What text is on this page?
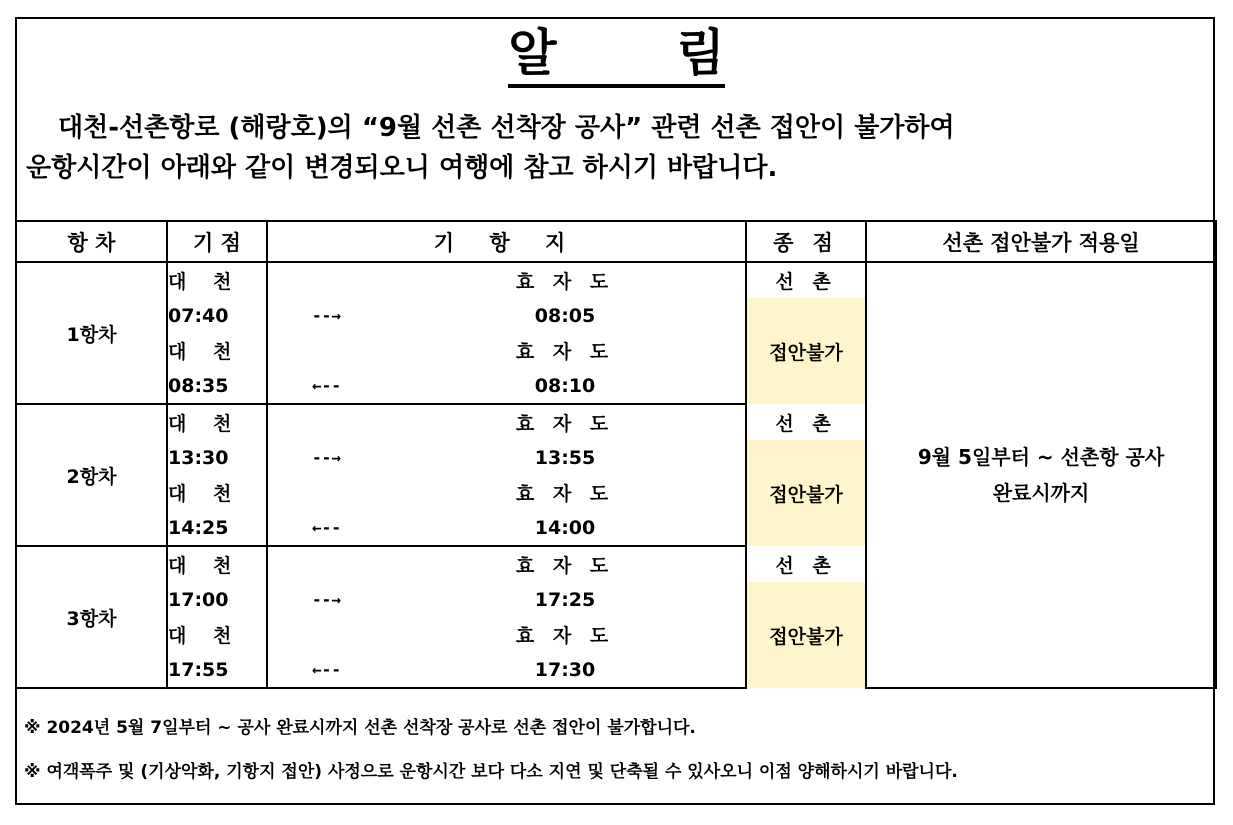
알 림
대천-선촌항로 (해랑호)의 “9월 선촌 선착장 공사” 관련 선촌 접안이 불가하여
운항시간이 아래와 같이 변경되오니 여행에 참고 하시기 바랍니다.
항 차	기 점	기 항 지		종 점	선촌 접안불가 적용일
1항차	대 천		효 자 도	선 촌	9월 5일부터 ~ 선촌항 공사
완료시까지

	07:40	--→	08:05	접안불가	
	대 천		효 자 도		
	08:35	←--	08:10		
2항차	대 천		효 자 도	선 촌	
	13:30	--→	13:55	접안불가	
	대 천		효 자 도		
	14:25	←--	14:00		
3항차	대 천		효 자 도	선 촌	
	17:00	--→	17:25	접안불가	
	대 천		효 자 도		
	17:55	←--	17:30		
※ 2024년 5월 7일부터 ~ 공사 완료시까지 선촌 선착장 공사로 선촌 접안이 불가합니다.
※ 여객폭주 및 (기상악화, 기항지 접안) 사정으로 운항시간 보다 다소 지연 및 단축될 수 있사오니 이점 양해하시기 바랍니다.
